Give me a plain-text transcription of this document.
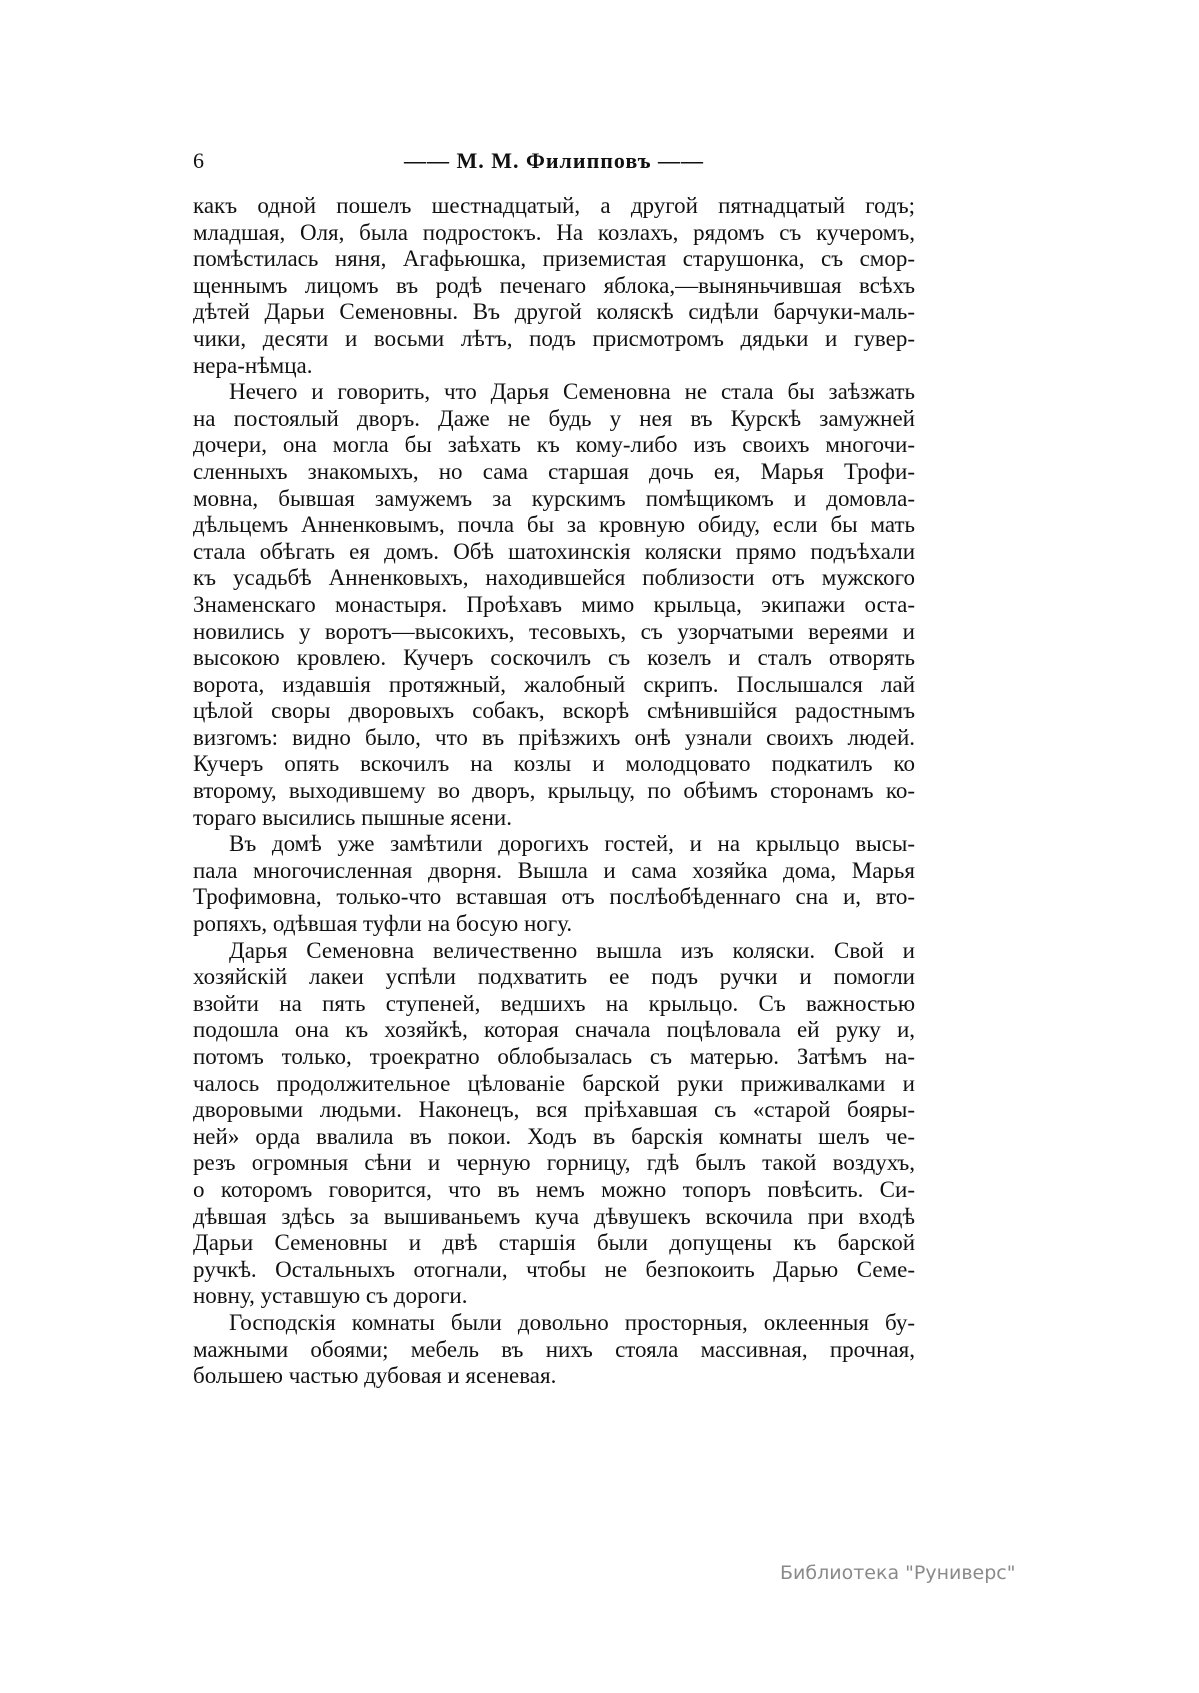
6	—— М. М. Филипповъ ——
какъ одной пошелъ шестнадцатый, а другой пятнадцатый годъ;
младшая, Оля, была подростокъ. На козлахъ, рядомъ съ кучеромъ,
помѣстилась няня, Агафьюшка, приземистая старушонка, съ смор-
щеннымъ лицомъ въ родѣ печенаго яблока,—выняньчившая всѣхъ
дѣтей Дарьи Семеновны. Въ другой коляскѣ сидѣли барчуки-маль-
чики, десяти и восьми лѣтъ, подъ присмотромъ дядьки и гувер-
нера-нѣмца.
Нечего и говорить, что Дарья Семеновна не стала бы заѣзжать
на постоялый дворъ. Даже не будь у нея въ Курскѣ замужней
дочери, она могла бы заѣхать къ кому-либо изъ своихъ многочи-
сленныхъ знакомыхъ, но сама старшая дочь ея, Марья Трофи-
мовна, бывшая замужемъ за курскимъ помѣщикомъ и домовла-
дѣльцемъ Анненковымъ, почла бы за кровную обиду, если бы мать
стала обѣгать ея домъ. Обѣ шатохинскія коляски прямо подъѣхали
къ усадьбѣ Анненковыхъ, находившейся поблизости отъ мужского
Знаменскаго монастыря. Проѣхавъ мимо крыльца, экипажи оста-
новились у воротъ—высокихъ, тесовыхъ, съ узорчатыми вереями и
высокою кровлею. Кучеръ соскочилъ съ козелъ и сталъ отворять
ворота, издавшія протяжный, жалобный скрипъ. Послышался лай
цѣлой своры дворовыхъ собакъ, вскорѣ смѣнившійся радостнымъ
визгомъ: видно было, что въ пріѣзжихъ онѣ узнали своихъ людей.
Кучеръ опять вскочилъ на козлы и молодцовато подкатилъ ко
второму, выходившему во дворъ, крыльцу, по обѣимъ сторонамъ ко-
тораго высились пышные ясени.
Въ домѣ уже замѣтили дорогихъ гостей, и на крыльцо высы-
пала многочисленная дворня. Вышла и сама хозяйка дома, Марья
Трофимовна, только-что вставшая отъ послѣобѣденнаго сна и, вто-
ропяхъ, одѣвшая туфли на босую ногу.
Дарья Семеновна величественно вышла изъ коляски. Свой и
хозяйскій лакеи успѣли подхватить ее подъ ручки и помогли
взойти на пять ступеней, ведшихъ на крыльцо. Съ важностью
подошла она къ хозяйкѣ, которая сначала поцѣловала ей руку и,
потомъ только, троекратно облобызалась съ матерью. Затѣмъ на-
чалось продолжительное цѣлованіе барской руки приживалками и
дворовыми людьми. Наконецъ, вся пріѣхавшая съ «старой бояры-
ней» орда ввалила въ покои. Ходъ въ барскія комнаты шелъ че-
резъ огромныя сѣни и черную горницу, гдѣ былъ такой воздухъ,
о которомъ говорится, что въ немъ можно топоръ повѣсить. Си-
дѣвшая здѣсь за вышиваньемъ куча дѣвушекъ вскочила при входѣ
Дарьи Семеновны и двѣ старшія были допущены къ барской
ручкѣ. Остальныхъ отогнали, чтобы не безпокоить Дарью Семе-
новну, уставшую съ дороги.
Господскія комнаты были довольно просторныя, оклеенныя бу-
мажными обоями; мебель въ нихъ стояла массивная, прочная,
большею частью дубовая и ясеневая.
Библиотека "Руниверс"
